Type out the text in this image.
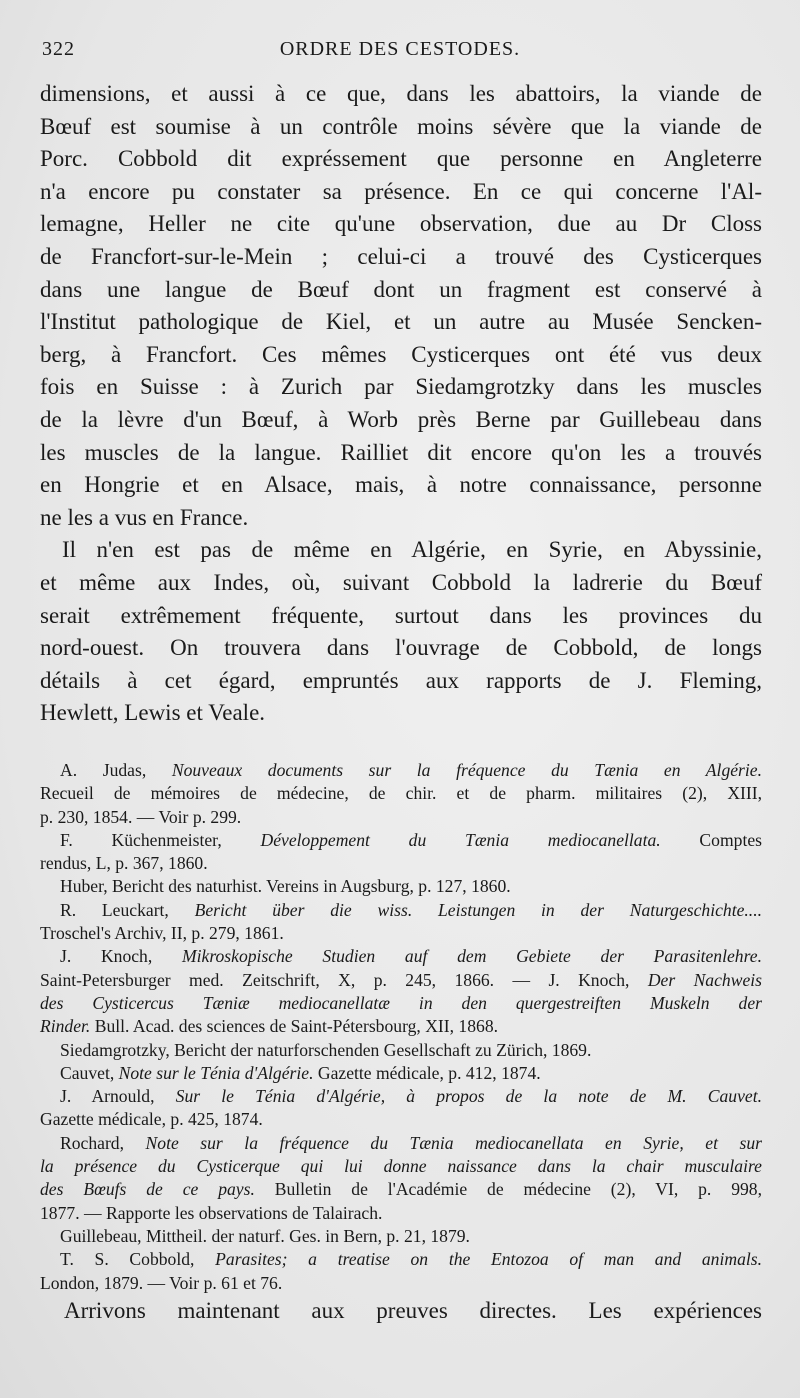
322	ORDRE DES CESTODES.

dimensions, et aussi à ce que, dans les abattoirs, la viande de

Bœuf est soumise à un contrôle moins sévère que la viande de

Porc. Cobbold dit expréssement que personne en Angleterre

n'a encore pu constater sa présence. En ce qui concerne l'Al-

lemagne, Heller ne cite qu'une observation, due au Dr Closs

de Francfort-sur-le-Mein ; celui-ci a trouvé des Cysticerques

dans une langue de Bœuf dont un fragment est conservé à

l'Institut pathologique de Kiel, et un autre au Musée Sencken-

berg, à Francfort. Ces mêmes Cysticerques ont été vus deux

fois en Suisse : à Zurich par Siedamgrotzky dans les muscles

de la lèvre d'un Bœuf, à Worb près Berne par Guillebeau dans

les muscles de la langue. Railliet dit encore qu'on les a trouvés

en Hongrie et en Alsace, mais, à notre connaissance, personne

ne les a vus en France.

Il n'en est pas de même en Algérie, en Syrie, en Abyssinie,

et même aux Indes, où, suivant Cobbold la ladrerie du Bœuf

serait extrêmement fréquente, surtout dans les provinces du

nord-ouest. On trouvera dans l'ouvrage de Cobbold, de longs

détails à cet égard, empruntés aux rapports de J. Fleming,

Hewlett, Lewis et Veale.

A. Judas, Nouveaux documents sur la fréquence du Tænia en Algérie.
Recueil de mémoires de médecine, de chir. et de pharm. militaires (2), XIII,
p. 230, 1854. — Voir p. 299.
F. Küchenmeister, Développement du Tænia mediocanellata. Comptes
rendus, L, p. 367, 1860.
Huber, Bericht des naturhist. Vereins in Augsburg, p. 127, 1860.
R. Leuckart, Bericht über die wiss. Leistungen in der Naturgeschichte....
Troschel's Archiv, II, p. 279, 1861.
J. Knoch, Mikroskopische Studien auf dem Gebiete der Parasitenlehre.
Saint-Petersburger med. Zeitschrift, X, p. 245, 1866. — J. Knoch, Der Nachweis
des Cysticercus Tæniæ mediocanellatæ in den quergestreiften Muskeln der
Rinder. Bull. Acad. des sciences de Saint-Pétersbourg, XII, 1868.
Siedamgrotzky, Bericht der naturforschenden Gesellschaft zu Zürich, 1869.
Cauvet, Note sur le Ténia d'Algérie. Gazette médicale, p. 412, 1874.
J. Arnould, Sur le Ténia d'Algérie, à propos de la note de M. Cauvet.
Gazette médicale, p. 425, 1874.
Rochard, Note sur la fréquence du Tænia mediocanellata en Syrie, et sur
la présence du Cysticerque qui lui donne naissance dans la chair musculaire
des Bœufs de ce pays. Bulletin de l'Académie de médecine (2), VI, p. 998,
1877. — Rapporte les observations de Talairach.
Guillebeau, Mittheil. der naturf. Ges. in Bern, p. 21, 1879.
T. S. Cobbold, Parasites; a treatise on the Entozoa of man and animals.
London, 1879. — Voir p. 61 et 76.
Arrivons maintenant aux preuves directes. Les expériences
